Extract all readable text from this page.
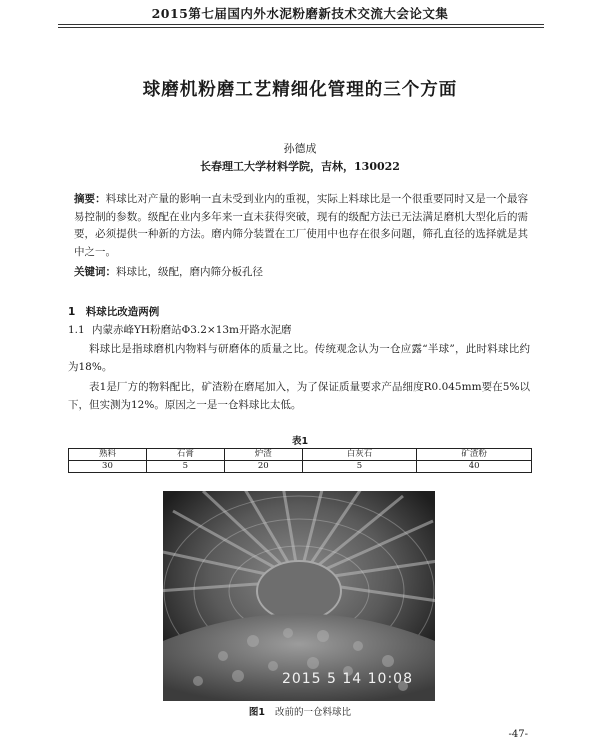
2015第七届国内外水泥粉磨新技术交流大会论文集
球磨机粉磨工艺精细化管理的三个方面
孙德成
长春理工大学材料学院，吉林，130022
摘要：料球比对产量的影响一直未受到业内的重视，实际上料球比是一个很重要同时又是一个最容易控制的参数。级配在业内多年来一直未获得突破，现有的级配方法已无法满足磨机大型化后的需要，必须提供一种新的方法。磨内筛分装置在工厂使用中也存在很多问题，筛孔直径的选择就是其中之一。
关键词：料球比，级配，磨内筛分板孔径
1　料球比改造两例
1.1 内蒙赤峰YH粉磨站Φ3.2×13m开路水泥磨
料球比是指球磨机内物料与研磨体的质量之比。传统观念认为一仓应露“半球”，此时料球比约为18%。
表1是厂方的物料配比，矿渣粉在磨尾加入，为了保证质量要求产品细度R0.045mm要在5%以下，但实测为12%。原因之一是一仓料球比太低。
表1
熟料	石膏	炉渣	白灰石	矿渣粉
30	5	20	5	40
2015 5 14 10:08
图1 改前的一仓料球比
-47-
